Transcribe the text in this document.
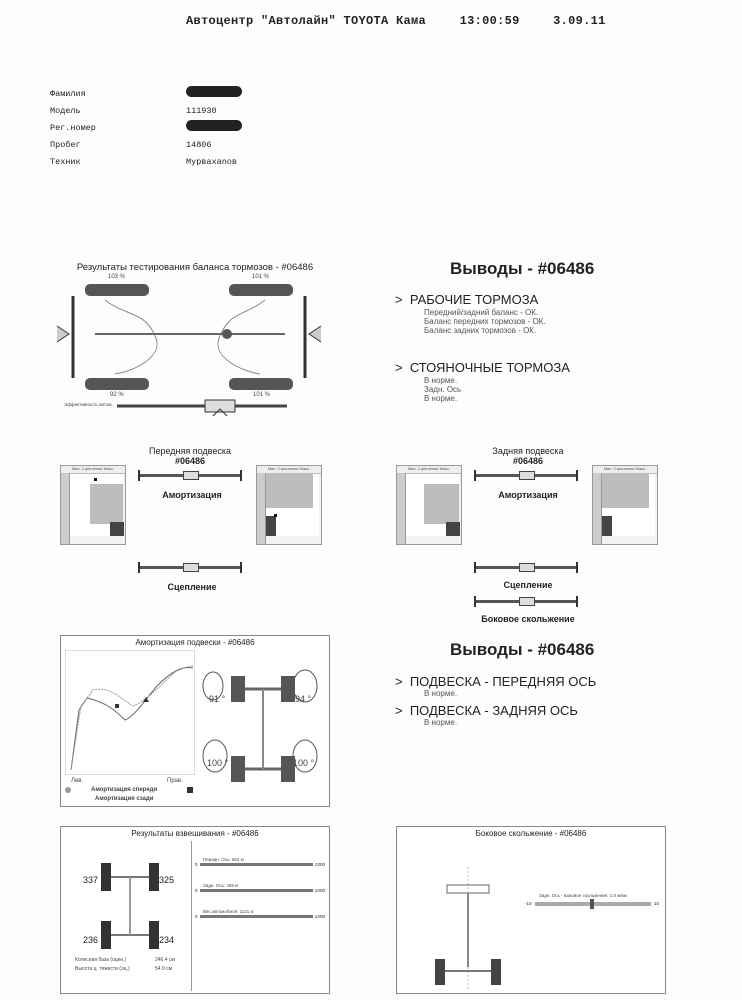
Автоцентр "Автолайн" TOYOTA Кама	13:00:59	3.09.11
Фамилия
Модель	111930
Рег.номер
Пробег	14806
Техник	Мурвахanов
Результаты тестирования баланса тормозов - #06486
103 %	101 %
92 %	101 %
Эффективность автом.
Выводы - #06486
>  РАБОЧИЕ ТОРМОЗА
Передний/задний баланс - ОК.
Баланс передних тормозов - ОК.
Баланс задних тормозов - ОК.
>  СТОЯНОЧНЫЕ ТОРМОЗА
В норме.
Задн. Ось
В норме.
Мин. Сцепление Макс.
Передняя подвеска
#06486
Амортизация
Мин. Сцепление Макс.
Сцепление
Мин. Сцепление Макс.
Задняя подвеска
#06486
Амортизация
Мин. Сцепление Макс.
Сцепление
Боковое скольжение
Амортизация подвески - #06486
Лев.	Прав.
Амортизация спереди
Амортизация сзади
91 °	94 °
100 °	100 °
Выводы - #06486
>  ПОДВЕСКА - ПЕРЕДНЯЯ ОСЬ
В норме.
>  ПОДВЕСКА - ЗАДНЯЯ ОСЬ
В норме.
Результаты взвешивания - #06486
337	325
236	234
Колесная база (оцен.)	246.4 см
Высота ц. тяжести (оц.)	54.9 см
Передн. Ось: 662 кг
0	2200
Задн. Ось: 469 кг
0	2200
Вес автомобиля: 1131 кг
0	2200
Боковое скольжение - #06486
Задн. Ось - Боковое скольжение: 1.0 м/км
-10	10
